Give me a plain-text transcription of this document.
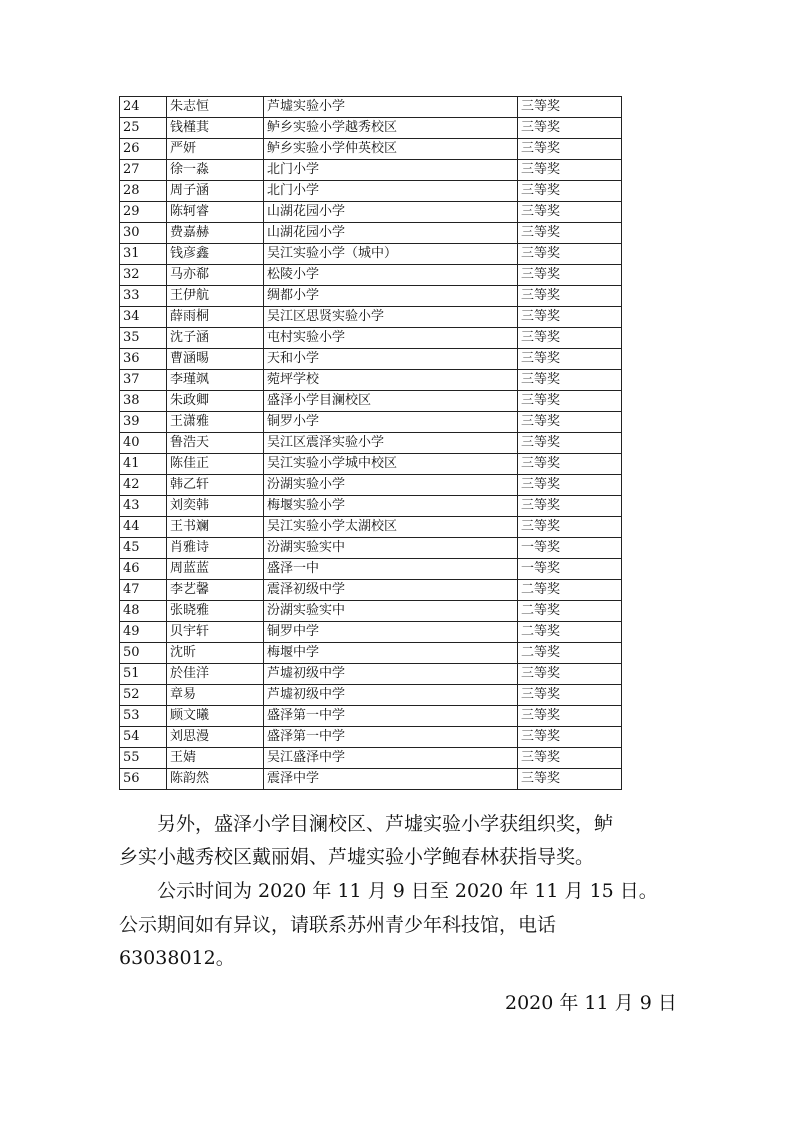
24	朱志恒	芦墟实验小学	三等奖
25	钱槿萁	鲈乡实验小学越秀校区	三等奖
26	严妍	鲈乡实验小学仲英校区	三等奖
27	徐一淼	北门小学	三等奖
28	周子涵	北门小学	三等奖
29	陈轲睿	山湖花园小学	三等奖
30	费嘉赫	山湖花园小学	三等奖
31	钱彦鑫	吴江实验小学（城中）	三等奖
32	马亦郗	松陵小学	三等奖
33	王伊航	绸都小学	三等奖
34	薛雨桐	吴江区思贤实验小学	三等奖
35	沈子涵	屯村实验小学	三等奖
36	曹涵晹	天和小学	三等奖
37	李瑾飒	菀坪学校	三等奖
38	朱政卿	盛泽小学目澜校区	三等奖
39	王潇雅	铜罗小学	三等奖
40	鲁浩天	吴江区震泽实验小学	三等奖
41	陈佳正	吴江实验小学城中校区	三等奖
42	韩乙轩	汾湖实验小学	三等奖
43	刘奕韩	梅堰实验小学	三等奖
44	王书斓	吴江实验小学太湖校区	三等奖
45	肖雅诗	汾湖实验实中	一等奖
46	周蓝蓝	盛泽一中	一等奖
47	李艺馨	震泽初级中学	二等奖
48	张晓雅	汾湖实验实中	二等奖
49	贝宇轩	铜罗中学	二等奖
50	沈昕	梅堰中学	二等奖
51	於佳洋	芦墟初级中学	三等奖
52	章易	芦墟初级中学	三等奖
53	顾文曦	盛泽第一中学	三等奖
54	刘思漫	盛泽第一中学	三等奖
55	王婧	吴江盛泽中学	三等奖
56	陈韵然	震泽中学	三等奖

另外，盛泽小学目澜校区、芦墟实验小学获组织奖，鲈

乡实小越秀校区戴丽娟、芦墟实验小学鲍春林获指导奖。

公示时间为 2020 年 11 月 9 日至 2020 年 11 月 15 日。

公示期间如有异议，请联系苏州青少年科技馆，电话

63038012。

2020 年 11 月 9 日
